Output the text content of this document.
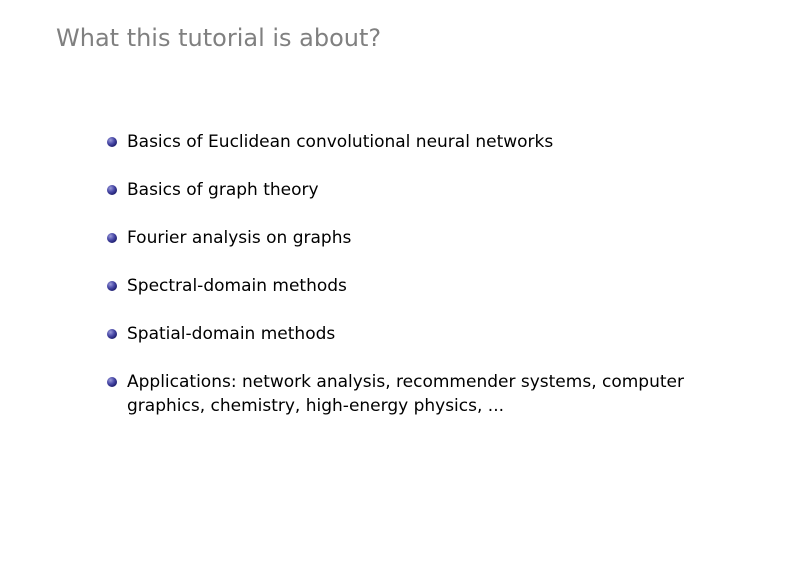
What this tutorial is about?
Basics of Euclidean convolutional neural networks
Basics of graph theory
Fourier analysis on graphs
Spectral-domain methods
Spatial-domain methods
Applications: network analysis, recommender systems, computer graphics, chemistry, high-energy physics, ...
